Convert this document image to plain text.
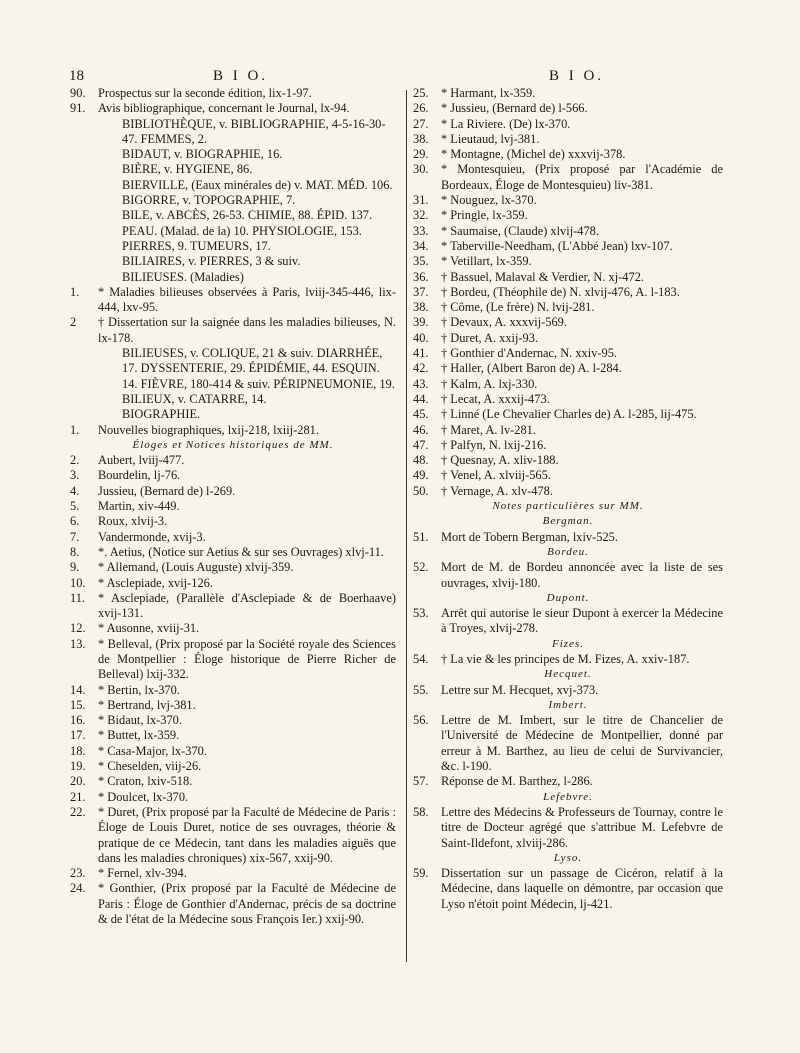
18	B I O.	B I O.
90.	Prospectus sur la seconde édition, lix-1-97.
91.	Avis bibliographique, concernant le Journal, lx-94.
BIBLIOTHÈQUE, v. BIBLIOGRAPHIE, 4-5-16-30-47. FEMMES, 2.
BIDAUT, v. BIOGRAPHIE, 16.
BIÈRE, v. HYGIENE, 86.
BIERVILLE, (Eaux minérales de) v. MAT. MÉD. 106.
BIGORRE, v. TOPOGRAPHIE, 7.
BILE, v. ABCÈS, 26-53. CHIMIE, 88. ÉPID. 137. PEAU. (Malad. de la) 10. PHYSIOLOGIE, 153. PIERRES, 9. TUMEURS, 17.
BILIAIRES, v. PIERRES, 3 & suiv.
BILIEUSES. (Maladies)
1.	* Maladies bilieuses observées à Paris, lviij-345-446, lix-444, lxv-95.
2	† Dissertation sur la saignée dans les maladies bilieuses, N. lx-178.
BILIEUSES, v. COLIQUE, 21 & suiv. DIARRHÉE, 17. DYSSENTERIE, 29. ÉPIDÉMIE, 44. ESQUIN. 14. FIÈVRE, 180-414 & suiv. PÉRIPNEUMONIE, 19.
BILIEUX, v. CATARRE, 14.
BIOGRAPHIE.
1.	Nouvelles biographiques, lxij-218, lxiij-281.
Éloges et Notices historiques de MM.
2.	Aubert, lviij-477.
3.	Bourdelin, lj-76.
4.	Jussieu, (Bernard de) l-269.
5.	Martin, xiv-449.
6.	Roux, xlvij-3.
7.	Vandermonde, xvij-3.
8.	*. Aetius, (Notice sur Aetius & sur ses Ouvrages) xlvj-11.
9.	* Allemand, (Louis Auguste) xlvij-359.
10.	* Asclepiade, xvij-126.
11.	* Asclepiade, (Parallèle d'Asclepiade & de Boerhaave) xvij-131.
12.	* Ausonne, xviij-31.
13.	* Belleval, (Prix proposé par la Société royale des Sciences de Montpellier : Éloge historique de Pierre Richer de Belleval) lxij-332.
14.	* Bertin, lx-370.
15.	* Bertrand, lvj-381.
16.	* Bidaut, lx-370.
17.	* Buttet, lx-359.
18.	* Casa-Major, lx-370.
19.	* Cheselden, viij-26.
20.	* Craton, lxiv-518.
21.	* Doulcet, lx-370.
22.	* Duret, (Prix proposé par la Faculté de Médecine de Paris : Éloge de Louis Duret, notice de ses ouvrages, théorie & pratique de ce Médecin, tant dans les maladies aiguës que dans les maladies chroniques) xix-567, xxij-90.
23.	* Fernel, xlv-394.
24.	* Gonthier, (Prix proposé par la Faculté de Médecine de Paris : Éloge de Gonthier d'Andernac, précis de sa doctrine & de l'état de la Médecine sous François Ier.) xxij-90.
25.	* Harmant, lx-359.
26.	* Jussieu, (Bernard de) l-566.
27.	* La Riviere. (De) lx-370.
38.	* Lieutaud, lvj-381.
29.	* Montagne, (Michel de) xxxvij-378.
30.	* Montesquieu, (Prix proposé par l'Académie de Bordeaux, Éloge de Montesquieu) liv-381.
31.	* Nouguez, lx-370.
32.	* Pringle, lx-359.
33.	* Saumaise, (Claude) xlvij-478.
34.	* Taberville-Needham, (L'Abbé Jean) lxv-107.
35.	* Vetillart, lx-359.
36.	† Bassuel, Malaval & Verdier, N. xj-472.
37.	† Bordeu, (Théophile de) N. xlvij-476, A. l-183.
38.	† Côme, (Le frère) N. lvij-281.
39.	† Devaux, A. xxxvij-569.
40.	† Duret, A. xxij-93.
41.	† Gonthier d'Andernac, N. xxiv-95.
42.	† Haller, (Albert Baron de) A. l-284.
43.	† Kalm, A. lxj-330.
44.	† Lecat, A. xxxij-473.
45.	† Linné (Le Chevalier Charles de) A. l-285, lij-475.
46.	† Maret, A. lv-281.
47.	† Palfyn, N. lxij-216.
48.	† Quesnay, A. xliv-188.
49.	† Venel, A. xlviij-565.
50.	† Vernage, A. xlv-478.
Notes particulières sur MM.
Bergman.
51.	Mort de Tobern Bergman, lxiv-525.
Bordeu.
52.	Mort de M. de Bordeu annoncée avec la liste de ses ouvrages, xlvij-180.
Dupont.
53.	Arrêt qui autorise le sieur Dupont à exercer la Médecine à Troyes, xlvij-278.
Fizes.
54.	† La vie & les principes de M. Fizes, A. xxiv-187.
Hecquet.
55.	Lettre sur M. Hecquet, xvj-373.
Imbert.
56.	Lettre de M. Imbert, sur le titre de Chancelier de l'Université de Médecine de Montpellier, donné par erreur à M. Barthez, au lieu de celui de Survivancier, &c. l-190.
57.	Réponse de M. Barthez, l-286.
Lefebvre.
58.	Lettre des Médecins & Professeurs de Tournay, contre le titre de Docteur agrégé que s'attribue M. Lefebvre de Saint-Ildefont, xlviij-286.
Lyso.
59.	Dissertation sur un passage de Cicéron, relatif à la Médecine, dans laquelle on démontre, par occasion que Lyso n'étoit point Médecin, lj-421.
